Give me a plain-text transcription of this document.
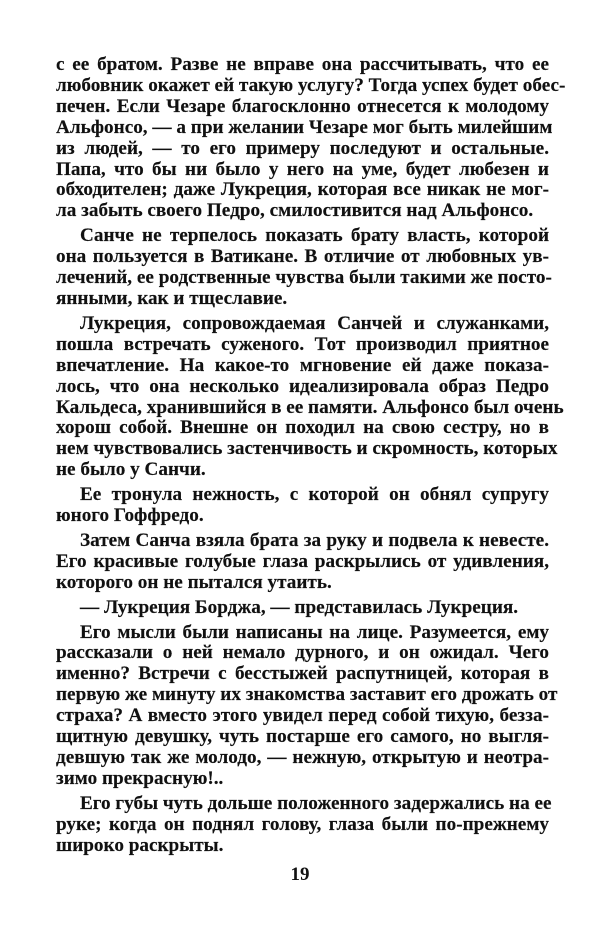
с ее братом. Разве не вправе она рассчитывать, что ее
любовник окажет ей такую услугу? Тогда успех будет обес-
печен. Если Чезаре благосклонно отнесется к молодому
Альфонсо, — а при желании Чезаре мог быть милейшим
из людей, — то его примеру последуют и остальные.
Папа, что бы ни было у него на уме, будет любезен и
обходителен; даже Лукреция, которая все никак не мог-
ла забыть своего Педро, смилостивится над Альфонсо.
Санче не терпелось показать брату власть, которой
она пользуется в Ватикане. В отличие от любовных ув-
лечений, ее родственные чувства были такими же посто-
янными, как и тщеславие.
Лукреция, сопровождаемая Санчей и служанками,
пошла встречать суженого. Тот производил приятное
впечатление. На какое-то мгновение ей даже показа-
лось, что она несколько идеализировала образ Педро
Кальдеса, хранившийся в ее памяти. Альфонсо был очень
хорош собой. Внешне он походил на свою сестру, но в
нем чувствовались застенчивость и скромность, которых
не было у Санчи.
Ее тронула нежность, с которой он обнял супругу
юного Гоффредо.
Затем Санча взяла брата за руку и подвела к невесте.
Его красивые голубые глаза раскрылись от удивления,
которого он не пытался утаить.
— Лукреция Борджа, — представилась Лукреция.
Его мысли были написаны на лице. Разумеется, ему
рассказали о ней немало дурного, и он ожидал. Чего
именно? Встречи с бесстыжей распутницей, которая в
первую же минуту их знакомства заставит его дрожать от
страха? А вместо этого увидел перед собой тихую, безза-
щитную девушку, чуть постарше его самого, но выгля-
девшую так же молодо, — нежную, открытую и неотра-
зимо прекрасную!..
Его губы чуть дольше положенного задержались на ее
руке; когда он поднял голову, глаза были по-прежнему
широко раскрыты.
19
